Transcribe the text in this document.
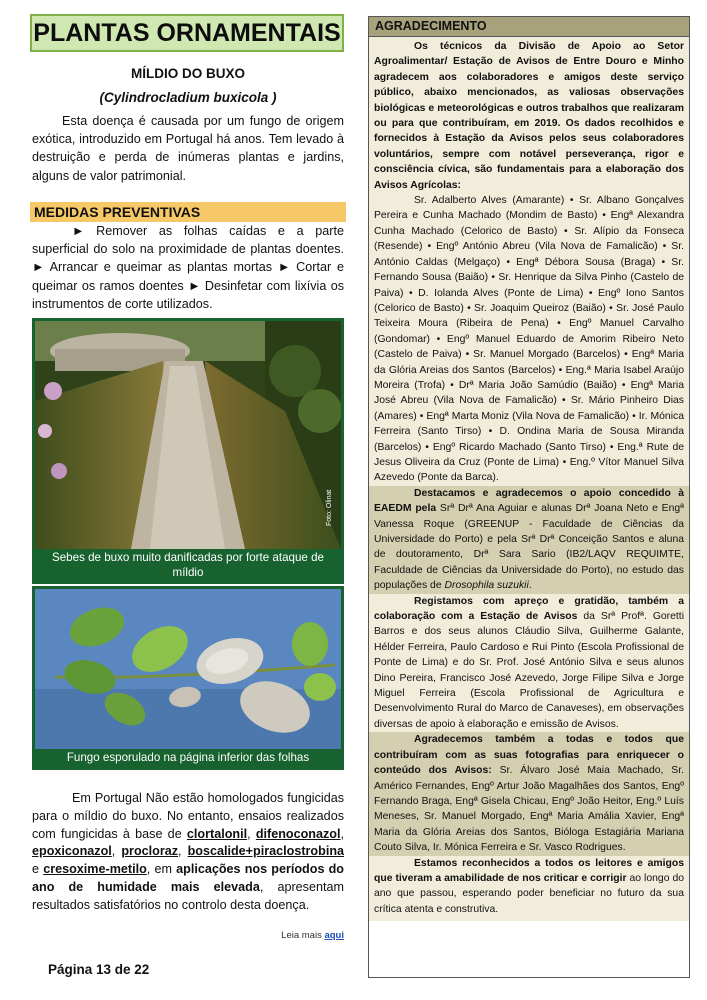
PLANTAS ORNAMENTAIS
MÍLDIO DO BUXO
(Cylindrocladium buxicola )

Esta doença é causada por um fungo de origem exótica, introduzido em Portugal há anos. Tem levado à destruição e perda de inúmeras plantas e jardins, alguns de valor patrimonial.

MEDIDAS PREVENTIVAS

► Remover as folhas caídas e a parte superficial do solo na proximidade de plantas doentes. ► Arrancar e queimar as plantas mortas ► Cortar e queimar os ramos doentes ► Desinfetar com lixívia os instrumentos de corte utilizados.

Foto: Olinat
Sebes de buxo muito danificadas por forte ataque de míldio
Fungo esporulado na página inferior das folhas

Em Portugal Não estão homologados fungicidas para o míldio do buxo. No entanto, ensaios realizados com fungicidas à base de clortalonil, difenoconazol, epoxiconazol, procloraz, boscalide+piraclostrobina e cresoxime-metilo, em aplicações nos períodos do ano de humidade mais elevada, apresentam resultados satisfatórios no controlo desta doença.

Leia mais aqui
Página 13 de 22
AGRADECIMENTO
Os técnicos da Divisão de Apoio ao Setor Agroalimentar/ Estação de Avisos de Entre Douro e Minho agradecem aos colaboradores e amigos deste serviço público, abaixo mencionados, as valiosas observações biológicas e meteorológicas e outros trabalhos que realizaram ou para que contribuíram, em 2019. Os dados recolhidos e fornecidos à Estação da Avisos pelos seus colaboradores voluntários, sempre com notável perseverança, rigor e consciência cívica, são fundamentais para a elaboração dos Avisos Agrícolas:
Sr. Adalberto Alves (Amarante) • Sr. Albano Gonçalves Pereira e Cunha Machado (Mondim de Basto) • Engª Alexandra Cunha Machado (Celorico de Basto) • Sr. Alípio da Fonseca (Resende) • Engº António Abreu (Vila Nova de Famalicão) • Sr. António Caldas (Melgaço) • Engª Débora Sousa (Braga) • Sr. Fernando Sousa (Baião) • Sr. Henrique da Silva Pinho (Castelo de Paiva) • D. Iolanda Alves (Ponte de Lima) • Engº Iono Santos (Celorico de Basto) • Sr. Joaquim Queiroz (Baião) • Sr. José Paulo Teixeira Moura (Ribeira de Pena) • Engº Manuel Carvalho (Gondomar) • Engº Manuel Eduardo de Amorim Ribeiro Neto (Castelo de Paiva) • Sr. Manuel Morgado (Barcelos) • Engª Maria da Glória Areias dos Santos (Barcelos) • Eng.ª Maria Isabel Araújo Moreira (Trofa) • Drª Maria João Samúdio (Baião) • Engª Maria José Abreu (Vila Nova de Famalicão) • Sr. Mário Pinheiro Dias (Amares) • Engª Marta Moniz (Vila Nova de Famalicão) • Ir. Mónica Ferreira (Santo Tirso) • D. Ondina Maria de Sousa Miranda (Barcelos) • Engº Ricardo Machado (Santo Tirso) • Eng.ª Rute de Jesus Oliveira da Cruz (Ponte de Lima) • Eng.º Vítor Manuel Silva Azevedo (Ponte da Barca).
Destacamos e agradecemos o apoio concedido à EAEDM pela Srª Drª Ana Aguiar e alunas Drª Joana Neto e Engª Vanessa Roque (GREENUP - Faculdade de Ciências da Universidade do Porto) e pela Srª Drª Conceição Santos e aluna de doutoramento, Drª Sara Sario (IB2/LAQV REQUIMTE, Faculdade de Ciências da Universidade do Porto), no estudo das populações de Drosophila suzukii.
Registamos com apreço e gratidão, também a colaboração com a Estação de Avisos da Srª Profª. Goretti Barros e dos seus alunos Cláudio Silva, Guilherme Galante, Hélder Ferreira, Paulo Cardoso e Rui Pinto (Escola Profissional de Ponte de Lima) e do Sr. Prof. José António Silva e seus alunos Dino Pereira, Francisco José Azevedo, Jorge Filipe Silva e Jorge Miguel Ferreira (Escola Profissional de Agricultura e Desenvolvimento Rural do Marco de Canaveses), em observações diversas de apoio à elaboração e emissão de Avisos.
Agradecemos também a todas e todos que contribuíram com as suas fotografias para enriquecer o conteúdo dos Avisos: Sr. Álvaro José Maia Machado, Sr. Américo Fernandes, Engº Artur João Magalhães dos Santos, Engº Fernando Braga, Engª Gisela Chicau, Engº João Heitor, Eng.º Luís Meneses, Sr. Manuel Morgado, Engª Maria Amália Xavier, Engª Maria da Glória Areias dos Santos, Bióloga Estagiária Mariana Couto Silva, Ir. Mónica Ferreira e Sr. Vasco Rodrigues.
Estamos reconhecidos a todos os leitores e amigos que tiveram a amabilidade de nos criticar e corrigir ao longo do ano que passou, esperando poder beneficiar no futuro da sua crítica atenta e construtiva.
